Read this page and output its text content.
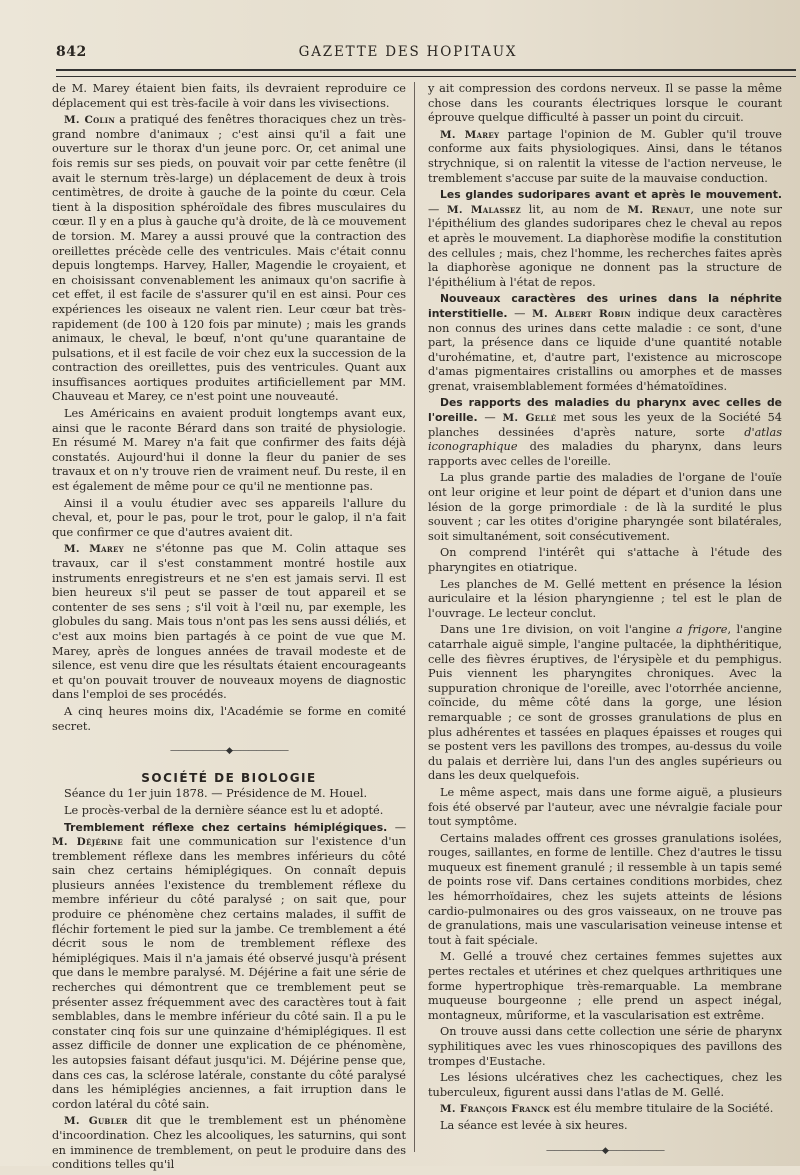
842	GAZETTE DES HOPITAUX

de M. Marey étaient bien faits, ils devraient reproduire ce déplacement qui est très-facile à voir dans les vivisections.

M. Colin a pratiqué des fenêtres thoraciques chez un très-grand nombre d'animaux ; c'est ainsi qu'il a fait une ouverture sur le thorax d'un jeune porc. Or, cet animal une fois remis sur ses pieds, on pouvait voir par cette fenêtre (il avait le sternum très-large) un déplacement de deux à trois centimètres, de droite à gauche de la pointe du cœur. Cela tient à la disposition sphéroïdale des fibres musculaires du cœur. Il y en a plus à gauche qu'à droite, de là ce mouvement de torsion. M. Marey a aussi prouvé que la contraction des oreillettes précède celle des ventricules. Mais c'était connu depuis longtemps. Harvey, Haller, Magendie le croyaient, et en choisissant convenablement les animaux qu'on sacrifie à cet effet, il est facile de s'assurer qu'il en est ainsi. Pour ces expériences les oiseaux ne valent rien. Leur cœur bat très-rapidement (de 100 à 120 fois par minute) ; mais les grands animaux, le cheval, le bœuf, n'ont qu'une quarantaine de pulsations, et il est facile de voir chez eux la succession de la contraction des oreillettes, puis des ventricules. Quant aux insuffisances aortiques produites artificiellement par MM. Chauveau et Marey, ce n'est point une nouveauté.

Les Américains en avaient produit longtemps avant eux, ainsi que le raconte Bérard dans son traité de physiologie. En résumé M. Marey n'a fait que confirmer des faits déjà constatés. Aujourd'hui il donne la fleur du panier de ses travaux et on n'y trouve rien de vraiment neuf. Du reste, il en est également de même pour ce qu'il ne mentionne pas.

Ainsi il a voulu étudier avec ses appareils l'allure du cheval, et, pour le pas, pour le trot, pour le galop, il n'a fait que confirmer ce que d'autres avaient dit.

M. Marey ne s'étonne pas que M. Colin attaque ses travaux, car il s'est constamment montré hostile aux instruments enregistreurs et ne s'en est jamais servi. Il est bien heureux s'il peut se passer de tout appareil et se contenter de ses sens ; s'il voit à l'œil nu, par exemple, les globules du sang. Mais tous n'ont pas les sens aussi déliés, et c'est aux moins bien partagés à ce point de vue que M. Marey, après de longues années de travail modeste et de silence, est venu dire que les résultats étaient encourageants et qu'on pouvait trouver de nouveaux moyens de diagnostic dans l'emploi de ses procédés.

A cinq heures moins dix, l'Académie se forme en comité secret.

———————◆———————

SOCIÉTÉ DE BIOLOGIE

Séance du 1er juin 1878. — Présidence de M. Houel.

Le procès-verbal de la dernière séance est lu et adopté.

Tremblement réflexe chez certains hémiplégiques. — M. Déjérine fait une communication sur l'existence d'un tremblement réflexe dans les membres inférieurs du côté sain chez certains hémiplégiques. On connaît depuis plusieurs années l'existence du tremblement réflexe du membre inférieur du côté paralysé ; on sait que, pour produire ce phénomène chez certains malades, il suffit de fléchir fortement le pied sur la jambe. Ce tremblement a été décrit sous le nom de tremblement réflexe des hémiplégiques. Mais il n'a jamais été observé jusqu'à présent que dans le membre paralysé. M. Déjérine a fait une série de recherches qui démontrent que ce tremblement peut se présenter assez fréquemment avec des caractères tout à fait semblables, dans le membre inférieur du côté sain. Il a pu le constater cinq fois sur une quinzaine d'hémiplégiques. Il est assez difficile de donner une explication de ce phénomène, les autopsies faisant défaut jusqu'ici. M. Déjérine pense que, dans ces cas, la sclérose latérale, constante du côté paralysé dans les hémiplégies anciennes, a fait irruption dans le cordon latéral du côté sain.

M. Gubler dit que le tremblement est un phénomène d'incoordination. Chez les alcooliques, les saturnins, qui sont en imminence de tremblement, on peut le produire dans des conditions telles qu'il

y ait compression des cordons nerveux. Il se passe la même chose dans les courants électriques lorsque le courant éprouve quelque difficulté à passer un point du circuit.

M. Marey partage l'opinion de M. Gubler qu'il trouve conforme aux faits physiologiques. Ainsi, dans le tétanos strychnique, si on ralentit la vitesse de l'action nerveuse, le tremblement s'accuse par suite de la mauvaise conduction.

Les glandes sudoripares avant et après le mouvement. — M. Malassez lit, au nom de M. Renaut, une note sur l'épithélium des glandes sudoripares chez le cheval au repos et après le mouvement. La diaphorèse modifie la constitution des cellules ; mais, chez l'homme, les recherches faites après la diaphorèse agonique ne donnent pas la structure de l'épithélium à l'état de repos.

Nouveaux caractères des urines dans la néphrite interstitielle. — M. Albert Robin indique deux caractères non connus des urines dans cette maladie : ce sont, d'une part, la présence dans ce liquide d'une quantité notable d'urohématine, et, d'autre part, l'existence au microscope d'amas pigmentaires cristallins ou amorphes et de masses grenat, vraisemblablement formées d'hématoïdines.

Des rapports des maladies du pharynx avec celles de l'oreille. — M. Gellé met sous les yeux de la Société 54 planches dessinées d'après nature, sorte d'atlas iconographique des maladies du pharynx, dans leurs rapports avec celles de l'oreille.

La plus grande partie des maladies de l'organe de l'ouïe ont leur origine et leur point de départ et d'union dans une lésion de la gorge primordiale : de là la surdité le plus souvent ; car les otites d'origine pharyngée sont bilatérales, soit simultanément, soit consécutivement.

On comprend l'intérêt qui s'attache à l'étude des pharyngites en otiatrique.

Les planches de M. Gellé mettent en présence la lésion auriculaire et la lésion pharyngienne ; tel est le plan de l'ouvrage. Le lecteur conclut.

Dans une 1re division, on voit l'angine a frigore, l'angine catarrhale aiguë simple, l'angine pultacée, la diphthéritique, celle des fièvres éruptives, de l'érysipèle et du pemphigus. Puis viennent les pharyngites chroniques. Avec la suppuration chronique de l'oreille, avec l'otorrhée ancienne, coïncide, du même côté dans la gorge, une lésion remarquable ; ce sont de grosses granulations de plus en plus adhérentes et tassées en plaques épaisses et rouges qui se postent vers les pavillons des trompes, au-dessus du voile du palais et derrière lui, dans l'un des angles supérieurs ou dans les deux quelquefois.

Le même aspect, mais dans une forme aiguë, a plusieurs fois été observé par l'auteur, avec une névralgie faciale pour tout symptôme.

Certains malades offrent ces grosses granulations isolées, rouges, saillantes, en forme de lentille. Chez d'autres le tissu muqueux est finement granulé ; il ressemble à un tapis semé de points rose vif. Dans certaines conditions morbides, chez les hémorrhoïdaires, chez les sujets atteints de lésions cardio-pulmonaires ou des gros vaisseaux, on ne trouve pas de granulations, mais une vascularisation veineuse intense et tout à fait spéciale.

M. Gellé a trouvé chez certaines femmes sujettes aux pertes rectales et utérines et chez quelques arthritiques une forme hypertrophique très-remarquable. La membrane muqueuse bourgeonne ; elle prend un aspect inégal, montagneux, mûriforme, et la vascularisation est extrême.

On trouve aussi dans cette collection une série de pharynx syphilitiques avec les vues rhinoscopiques des pavillons des trompes d'Eustache.

Les lésions ulcératives chez les cachectiques, chez les tuberculeux, figurent aussi dans l'atlas de M. Gellé.

M. François Franck est élu membre titulaire de la Société.

La séance est levée à six heures.

———————◆———————
